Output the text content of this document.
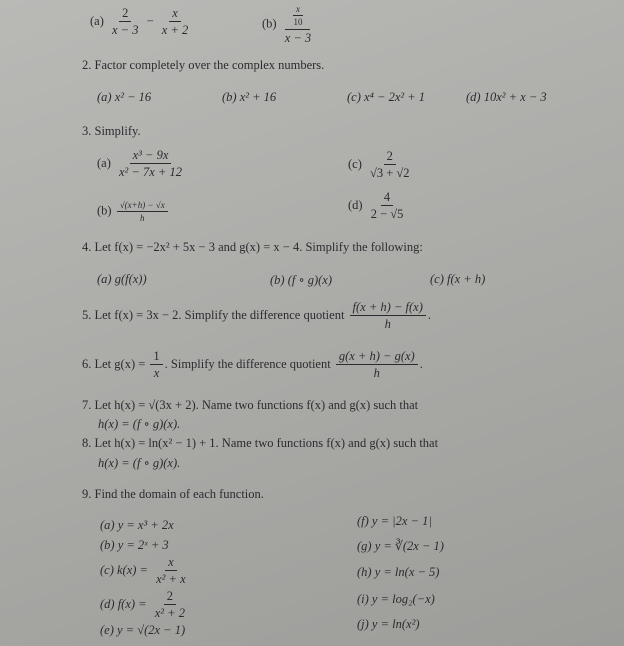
$(a) \frac{2}{x - 3} - \frac{x}{x + 2}$	$(b) \frac{\frac{x}{10}}{x - 3}$
2. Factor completely over the complex numbers.
(a) x² − 16	(b) x² + 16	(c) x⁴ − 2x² + 1	(d) 10x² + x − 3
3. Simplify.
$(a) \frac{\text{x³ − 9x}}{\text{x² − 7x + 12}}$
$(b) \frac{√(x+h) - √x}{h}$
$(c) \frac{2}{√3 + √2}$
$(d) \frac{4}{2 - √5}$
4. Let f(x) = −2x² + 5x − 3 and g(x) = x − 4. Simplify the following:
(a) g(f(x))	(b) (f ∘ g)(x)	(c) f(x + h)
5. Let f(x) = 3x − 2. Simplify the difference quotient $\frac{f(x + h) - f(x)}{h}$ .
6. Let $g(x) = \frac{1}{x}$ . Simplify the difference quotient $\frac{g(x + h) - g(x)}{h}$ .
7. Let h(x) = √(3x + 2). Name two functions f(x) and g(x) such that
h(x) = (f ∘ g)(x).
8. Let h(x) = ln(x² − 1) + 1. Name two functions f(x) and g(x) such that
h(x) = (f ∘ g)(x).
9. Find the domain of each function.
(a) y = x³ + 2x
(b) y = 2ˣ + 3
(c) $k(x) = \frac{x}{\text{x² + x}}$
(d) $f(x) = \frac{2}{\text{x² + 2}}$
(e) y = √(2x − 1)
(f) y = |2x − 1|
(g) y = ∛(2x − 1)
(h) y = ln(x − 5)
(i) y = log₂(−x)
(j) y = ln(x²)
